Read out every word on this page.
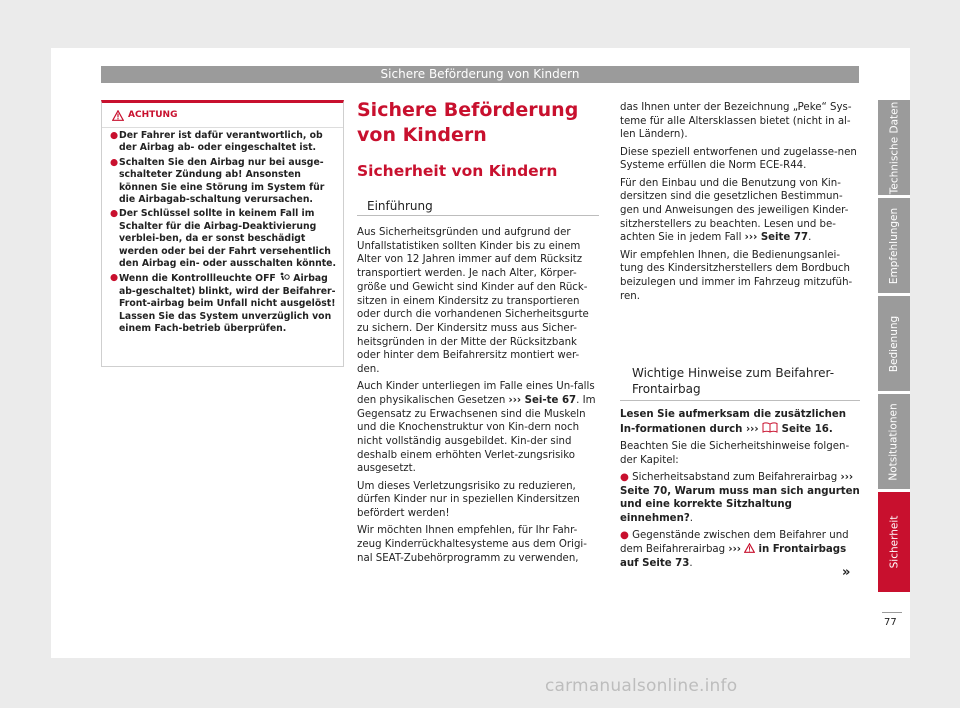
Sichere Beförderung von Kindern
ACHTUNG
● Der Fahrer ist dafür verantwortlich, ob der Airbag ab- oder eingeschaltet ist.
● Schalten Sie den Airbag nur bei ausge-schalteter Zündung ab! Ansonsten können Sie eine Störung im System für die Airbagab-schaltung verursachen.
● Der Schlüssel sollte in keinem Fall im Schalter für die Airbag-Deaktivierung verblei-ben, da er sonst beschädigt werden oder bei der Fahrt versehentlich den Airbag ein- oder ausschalten könnte.
● Wenn die Kontrollleuchte OFF Airbag ab-geschaltet) blinkt, wird der Beifahrer-Front-airbag beim Unfall nicht ausgelöst! Lassen Sie das System unverzüglich von einem Fach-betrieb überprüfen.
Sichere Beförderung von Kindern
Sicherheit von Kindern
Einführung

Aus Sicherheitsgründen und aufgrund der Unfallstatistiken sollten Kinder bis zu einem Alter von 12 Jahren immer auf dem Rücksitz transportiert werden. Je nach Alter, Körper-größe und Gewicht sind Kinder auf den Rück-sitzen in einem Kindersitz zu transportieren oder durch die vorhandenen Sicherheitsgurte zu sichern. Der Kindersitz muss aus Sicher-heitsgründen in der Mitte der Rücksitzbank oder hinter dem Beifahrersitz montiert wer-den.

Auch Kinder unterliegen im Falle eines Un-falls den physikalischen Gesetzen ››› Sei-te 67. Im Gegensatz zu Erwachsenen sind die Muskeln und die Knochenstruktur von Kin-dern noch nicht vollständig ausgebildet. Kin-der sind deshalb einem erhöhten Verlet-zungsrisiko ausgesetzt.

Um dieses Verletzungsrisiko zu reduzieren, dürfen Kinder nur in speziellen Kindersitzen befördert werden!

Wir möchten Ihnen empfehlen, für Ihr Fahr-zeug Kinderrückhaltesysteme aus dem Origi-nal SEAT-Zubehörprogramm zu verwenden,

das Ihnen unter der Bezeichnung „Peke“ Sys-teme für alle Altersklassen bietet (nicht in al-len Ländern).

Diese speziell entworfenen und zugelasse-nen Systeme erfüllen die Norm ECE-R44.

Für den Einbau und die Benutzung von Kin-dersitzen sind die gesetzlichen Bestimmun-gen und Anweisungen des jeweiligen Kinder-sitzherstellers zu beachten. Lesen und be-achten Sie in jedem Fall ››› Seite 77.

Wir empfehlen Ihnen, die Bedienungsanlei-tung des Kindersitzherstellers dem Bordbuch beizulegen und immer im Fahrzeug mitzufüh-ren.

Wichtige Hinweise zum Beifahrer-Frontairbag

Lesen Sie aufmerksam die zusätzlichen In-formationen durch ››› Seite 16.

Beachten Sie die Sicherheitshinweise folgen-der Kapitel:

● Sicherheitsabstand zum Beifahrerairbag ››› Seite 70, Warum muss man sich angurten und eine korrekte Sitzhaltung einnehmen?.

● Gegenstände zwischen dem Beifahrer und dem Beifahrerairbag ››› in Frontairbags auf Seite 73.

»
Technische Daten
Empfehlungen
Bedienung
Notsituationen
Sicherheit
77
carmanualsonline.info
